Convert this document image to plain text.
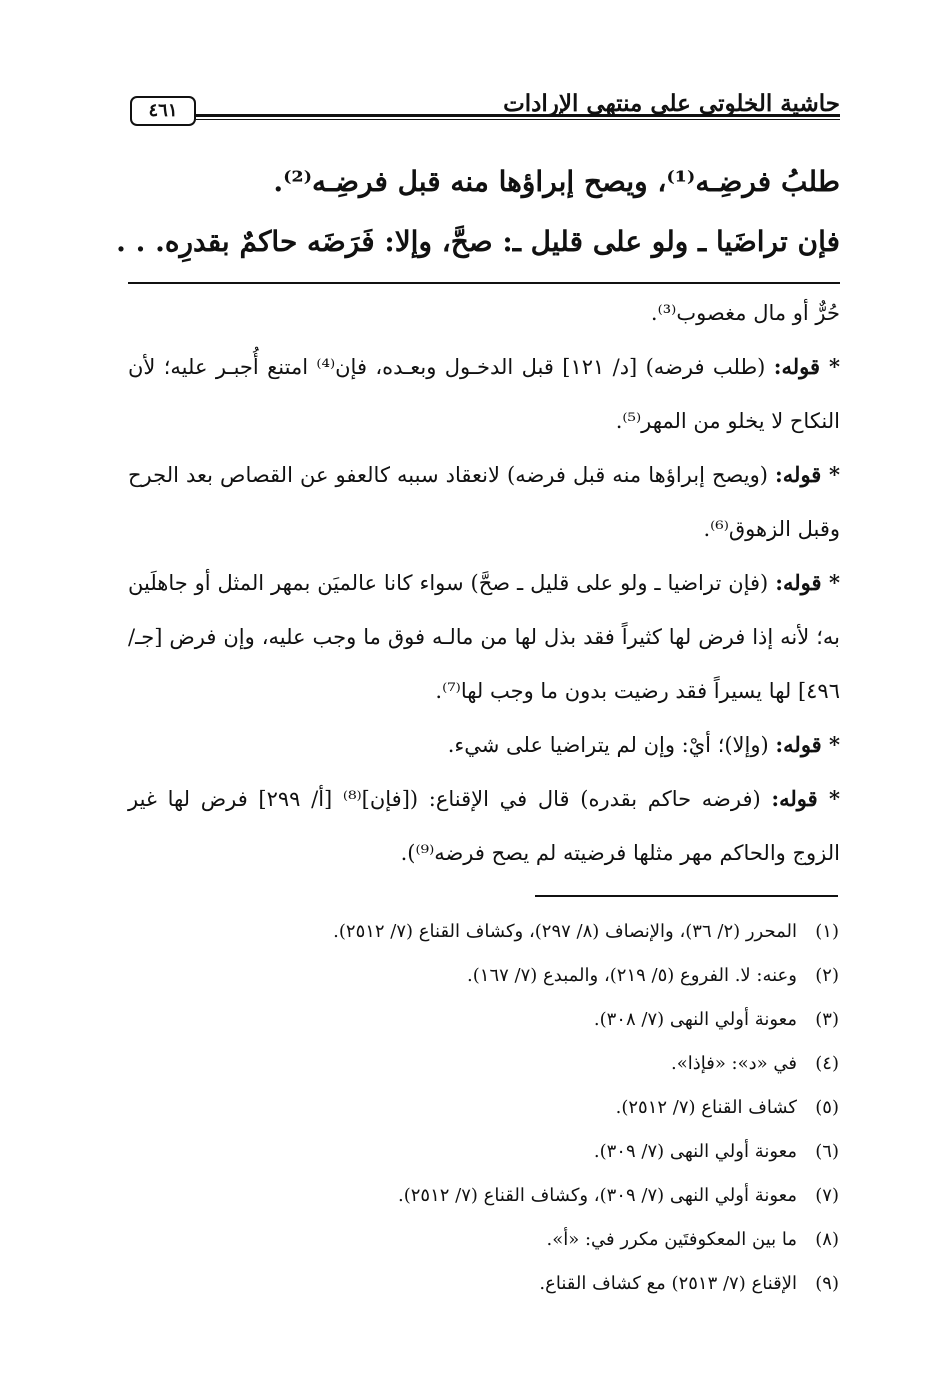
حاشية الخلوتي على منتهى الإرادات
٤٦١

طلبُ فرضِـه⁽¹⁾، ويصح إبراؤها منه قبل فرضِـه⁽²⁾.

فإن تراضَيا ـ ولو على قليل ـ: صحَّ، وإلا: فَرَضَه حاكمٌ بقدرِه. . .

حُرٌّ أو مال مغصوب⁽³⁾.

* قوله: (طلب فرضه) [د/ ١٢١] قبل الدخـول وبعـده، فإن⁽⁴⁾ امتنع أُجبـر عليه؛ لأن النكاح لا يخلو من المهر⁽⁵⁾.

* قوله: (ويصح إبراؤها منه قبل فرضه) لانعقاد سببه كالعفو عن القصاص بعد الجرح وقبل الزهوق⁽⁶⁾.

* قوله: (فإن تراضيا ـ ولو على قليل ـ صحَّ) سواء كانا عالميَن بمهر المثل أو جاهلَين به؛ لأنه إذا فرض لها كثيراً فقد بذل لها من مالـه فوق ما وجب عليه، وإن فرض [جـ/ ٤٩٦] لها يسيراً فقد رضيت بدون ما وجب لها⁽⁷⁾.

* قوله: (وإلا)؛ أيْ: وإن لم يتراضيا على شيء.

* قوله: (فرضه حاكم بقدره) قال في الإقناع: ([فإن]⁽⁸⁾ [أ/ ٢٩٩] فرض لها غير الزوج والحاكم مهر مثلها فرضيته لم يصح فرضه⁽⁹⁾).

(١)المحرر (٢/ ٣٦)، والإنصاف (٨/ ٢٩٧)، وكشاف القناع (٧/ ٢٥١٢).
(٢)وعنه: لا. الفروع (٥/ ٢١٩)، والمبدع (٧/ ١٦٧).
(٣)معونة أولي النهى (٧/ ٣٠٨).
(٤)في «د»: «فإذا».
(٥)كشاف القناع (٧/ ٢٥١٢).
(٦)معونة أولي النهى (٧/ ٣٠٩).
(٧)معونة أولي النهى (٧/ ٣٠٩)، وكشاف القناع (٧/ ٢٥١٢).
(٨)ما بين المعكوفتَين مكرر في: «أ».
(٩)الإقناع (٧/ ٢٥١٣) مع كشاف القناع.
